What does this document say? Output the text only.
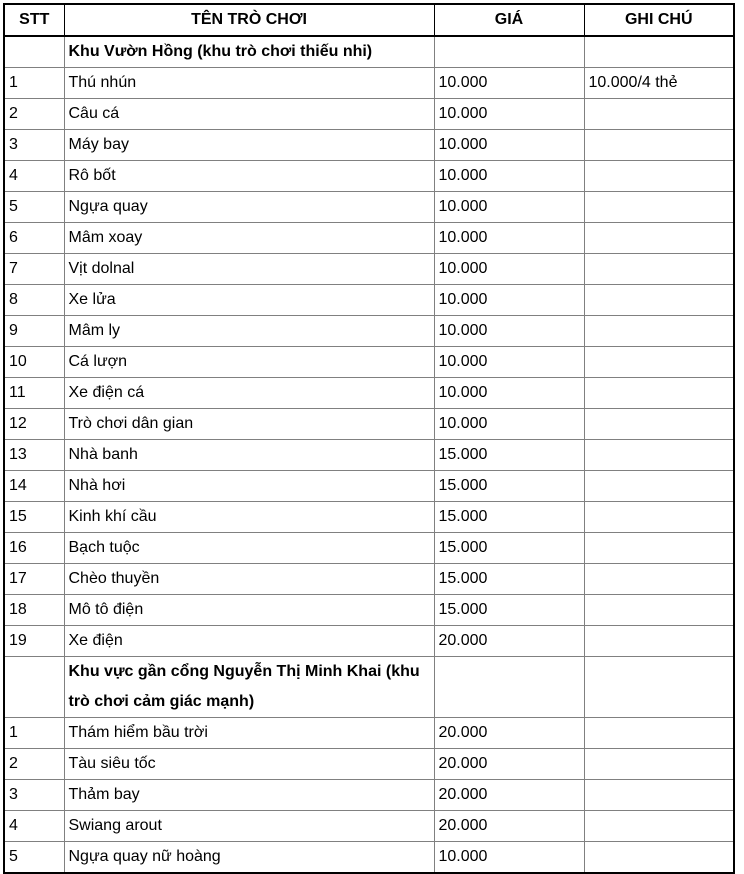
STT	TÊN TRÒ CHƠI	GIÁ	GHI CHÚ
	Khu Vườn Hồng (khu trò chơi thiếu nhi)		
1	Thú nhún	10.000	10.000/4 thẻ
2	Câu cá	10.000	
3	Máy bay	10.000	
4	Rô bốt	10.000	
5	Ngựa quay	10.000	
6	Mâm xoay	10.000	
7	Vịt dolnal	10.000	
8	Xe lửa	10.000	
9	Mâm ly	10.000	
10	Cá lượn	10.000	
11	Xe điện cá	10.000	
12	Trò chơi dân gian	10.000	
13	Nhà banh	15.000	
14	Nhà hơi	15.000	
15	Kinh khí cầu	15.000	
16	Bạch tuộc	15.000	
17	Chèo thuyền	15.000	
18	Mô tô điện	15.000	
19	Xe điện	20.000	
	Khu vực gần cổng Nguyễn Thị Minh Khai (khu trò chơi cảm giác mạnh)		
1	Thám hiểm bầu trời	20.000	
2	Tàu siêu tốc	20.000	
3	Thảm bay	20.000	
4	Swiang arout	20.000	
5	Ngựa quay nữ hoàng	10.000	
